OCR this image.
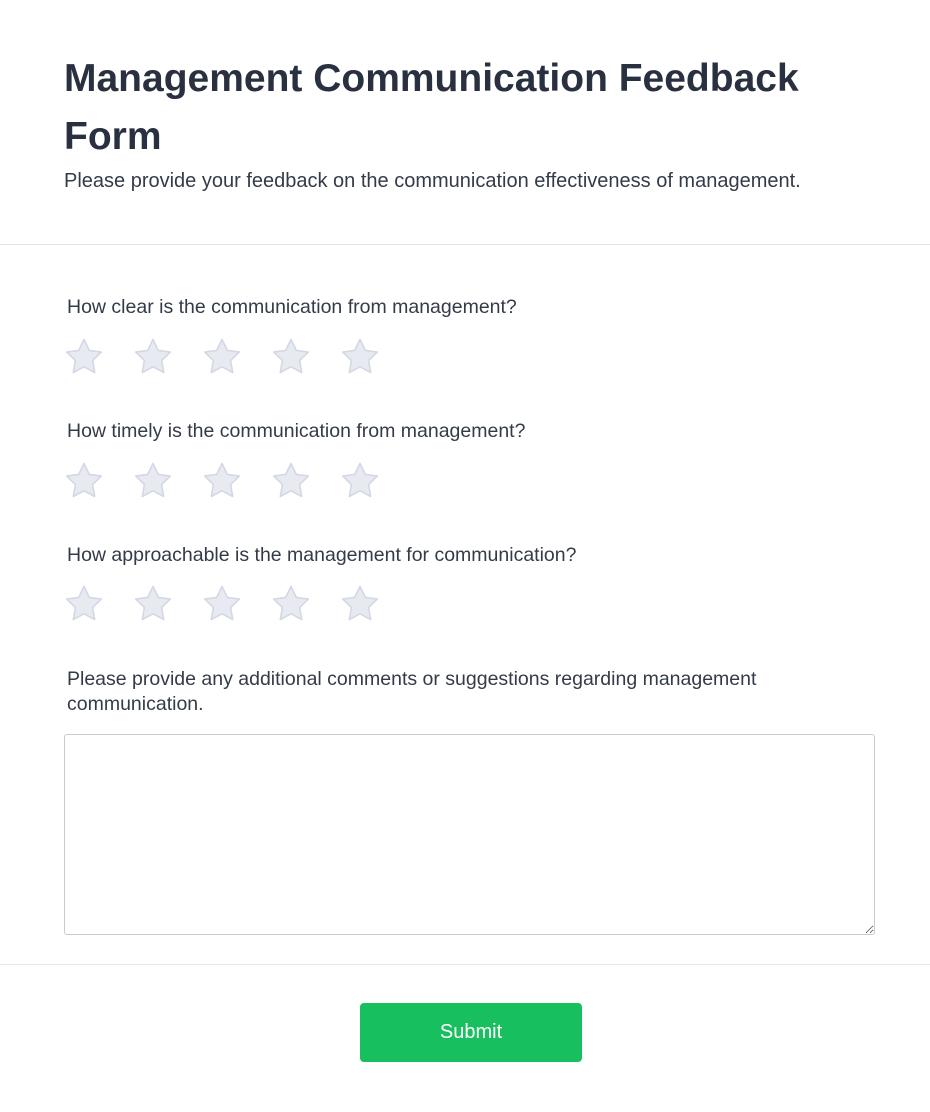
Management Communication Feedback Form

Please provide your feedback on the communication effectiveness of management.

How clear is the communication from management?

How timely is the communication from management?

How approachable is the management for communication?

Please provide any additional comments or suggestions regarding management communication.

Submit
